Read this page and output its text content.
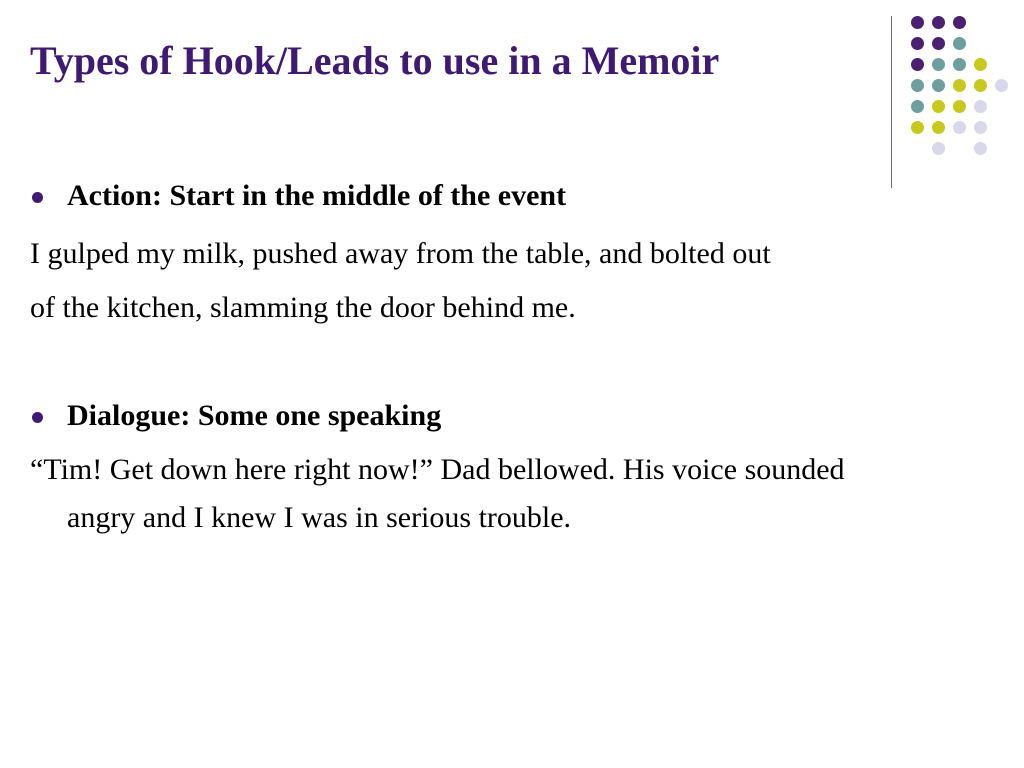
Types of Hook/Leads to use in a Memoir
Action: Start in the middle of the event
I gulped my milk, pushed away from the table, and bolted out
of the kitchen, slamming the door behind me.
Dialogue: Some one speaking
“Tim! Get down here right now!” Dad bellowed. His voice sounded angry and I knew I was in serious trouble.
